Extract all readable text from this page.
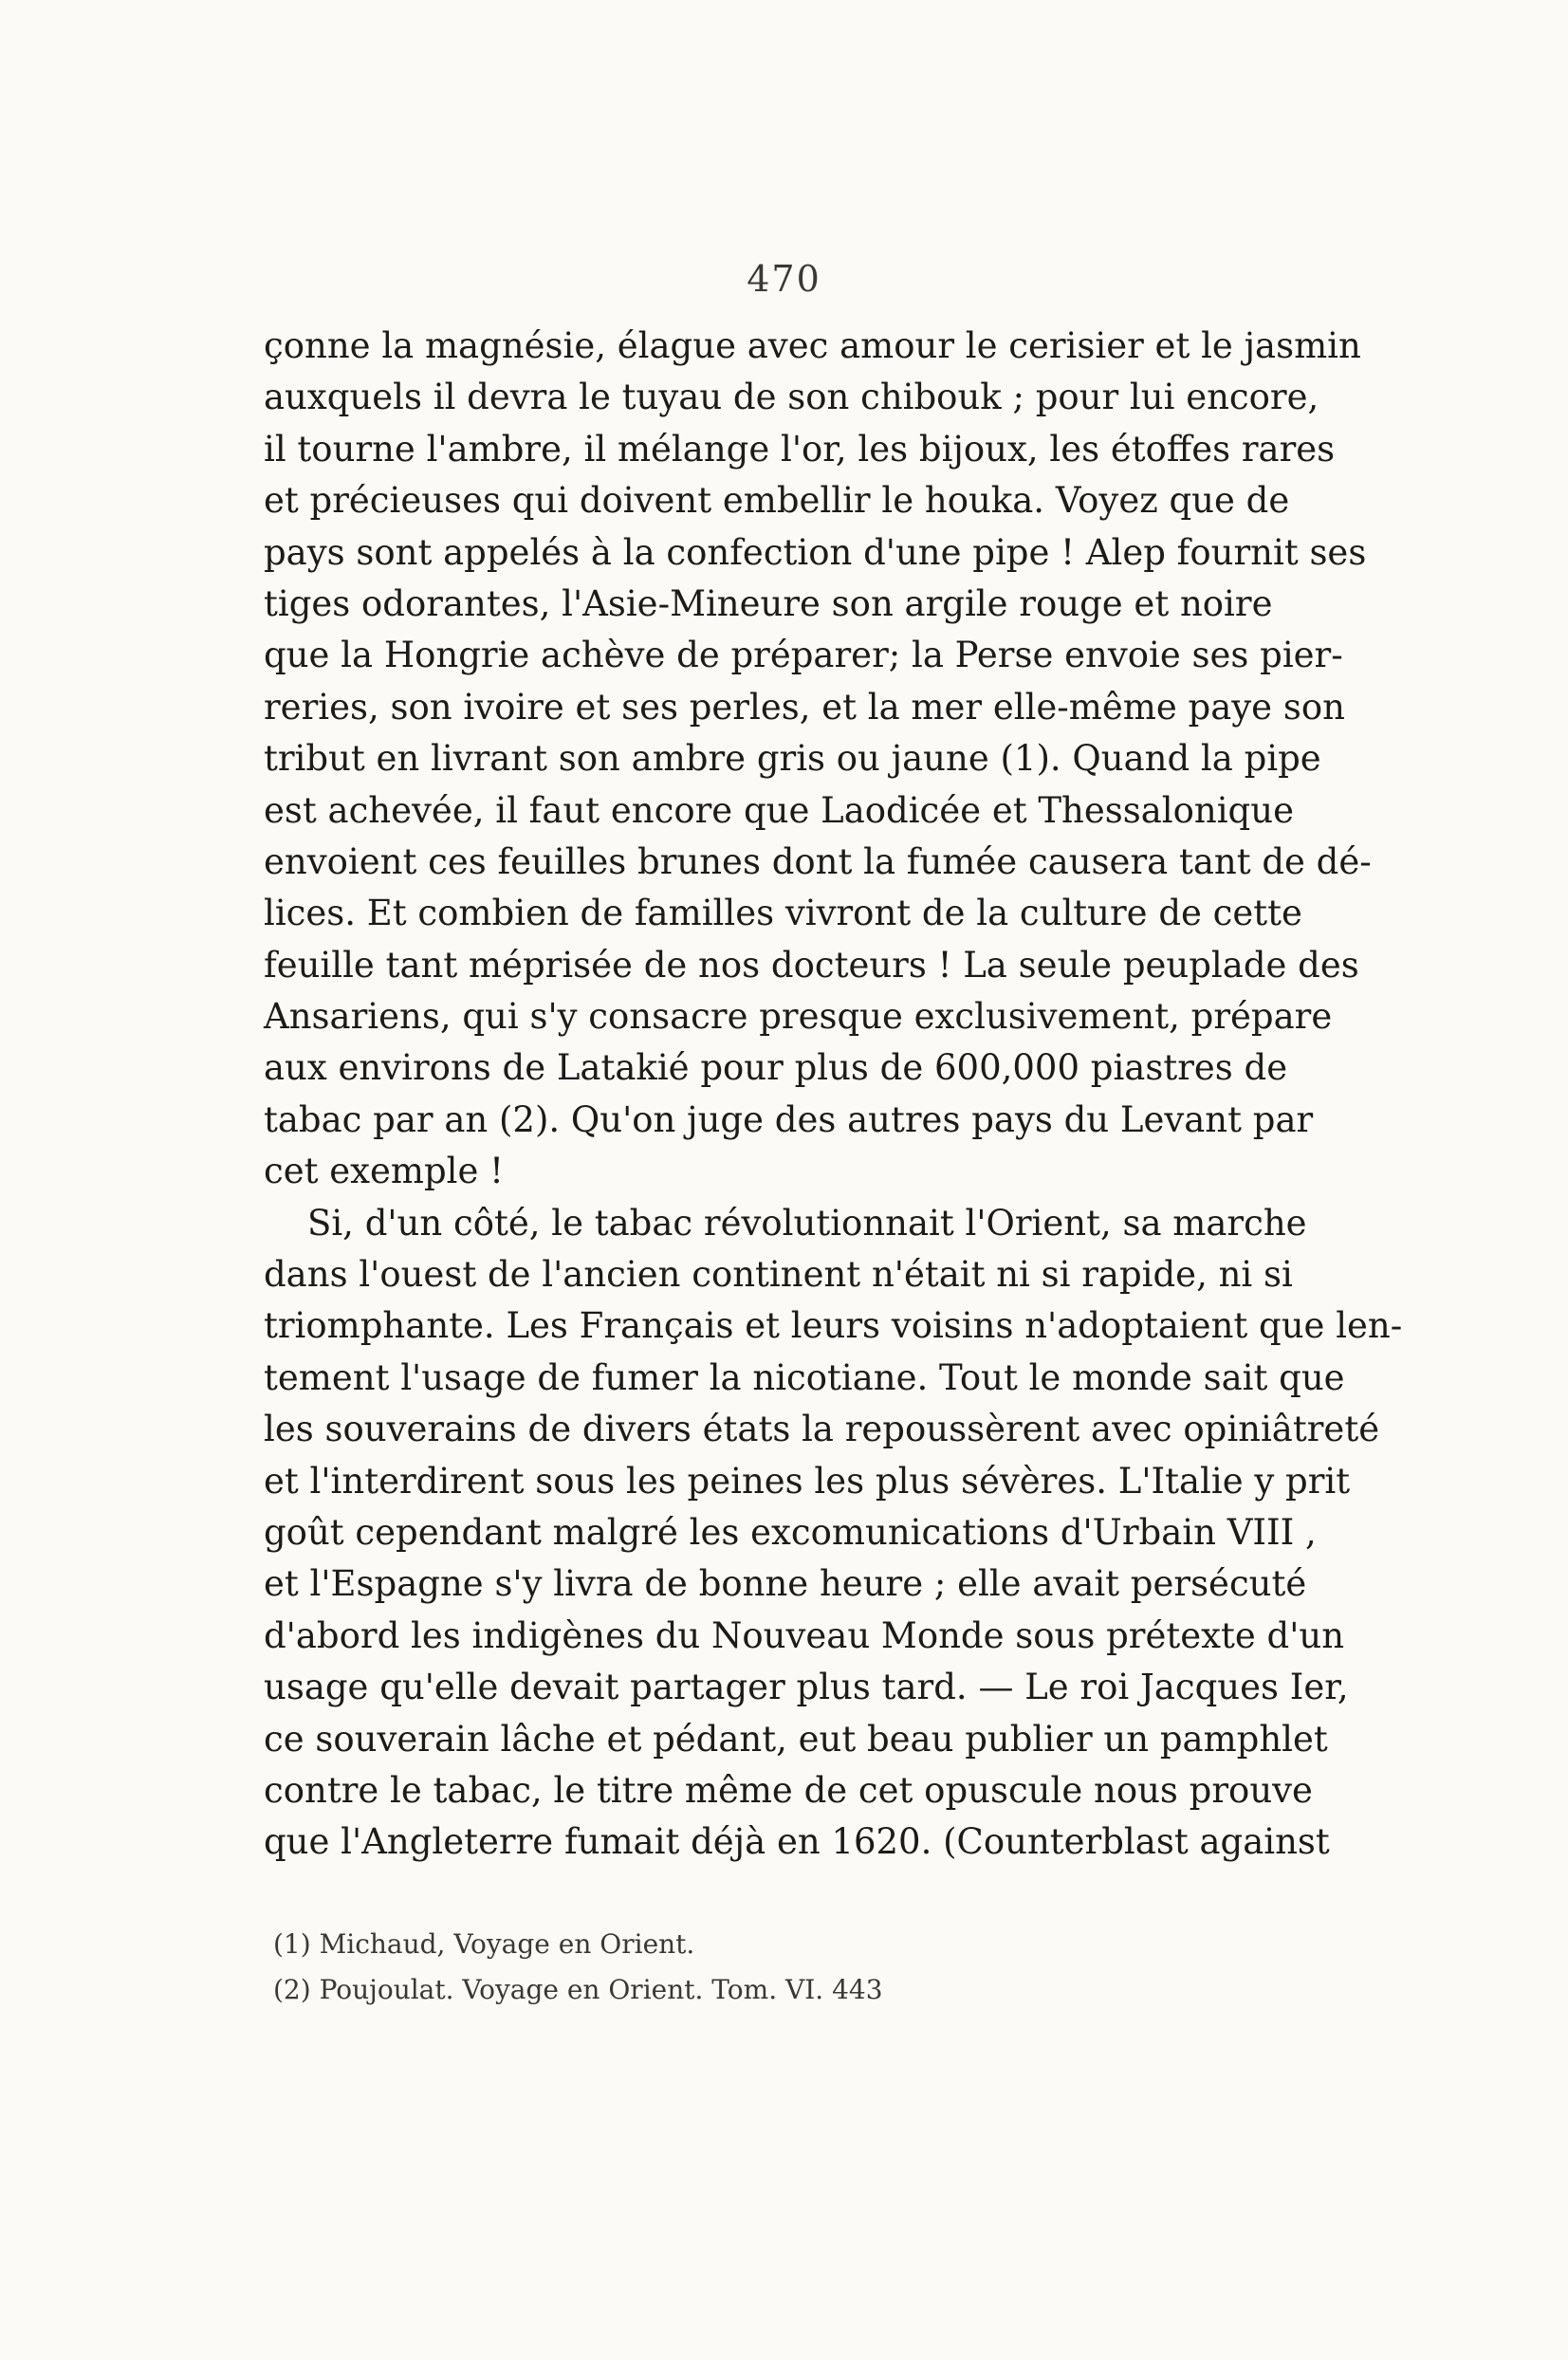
470
çonne la magnésie, élague avec amour le cerisier et le jasmin
auxquels il devra le tuyau de son chibouk ; pour lui encore,
il tourne l'ambre, il mélange l'or, les bijoux, les étoffes rares
et précieuses qui doivent embellir le houka. Voyez que de
pays sont appelés à la confection d'une pipe ! Alep fournit ses
tiges odorantes, l'Asie-Mineure son argile rouge et noire
que la Hongrie achève de préparer; la Perse envoie ses pier-
reries, son ivoire et ses perles, et la mer elle-même paye son
tribut en livrant son ambre gris ou jaune (1). Quand la pipe
est achevée, il faut encore que Laodicée et Thessalonique
envoient ces feuilles brunes dont la fumée causera tant de dé-
lices. Et combien de familles vivront de la culture de cette
feuille tant méprisée de nos docteurs ! La seule peuplade des
Ansariens, qui s'y consacre presque exclusivement, prépare
aux environs de Latakié pour plus de 600,000 piastres de
tabac par an (2). Qu'on juge des autres pays du Levant par
cet exemple !
Si, d'un côté, le tabac révolutionnait l'Orient, sa marche
dans l'ouest de l'ancien continent n'était ni si rapide, ni si
triomphante. Les Français et leurs voisins n'adoptaient que len-
tement l'usage de fumer la nicotiane. Tout le monde sait que
les souverains de divers états la repoussèrent avec opiniâtreté
et l'interdirent sous les peines les plus sévères. L'Italie y prit
goût cependant malgré les excomunications d'Urbain VIII ,
et l'Espagne s'y livra de bonne heure ; elle avait persécuté
d'abord les indigènes du Nouveau Monde sous prétexte d'un
usage qu'elle devait partager plus tard. — Le roi Jacques Ier,
ce souverain lâche et pédant, eut beau publier un pamphlet
contre le tabac, le titre même de cet opuscule nous prouve
que l'Angleterre fumait déjà en 1620. (Counterblast against
(1) Michaud, Voyage en Orient.
(2) Poujoulat. Voyage en Orient. Tom. VI. 443
